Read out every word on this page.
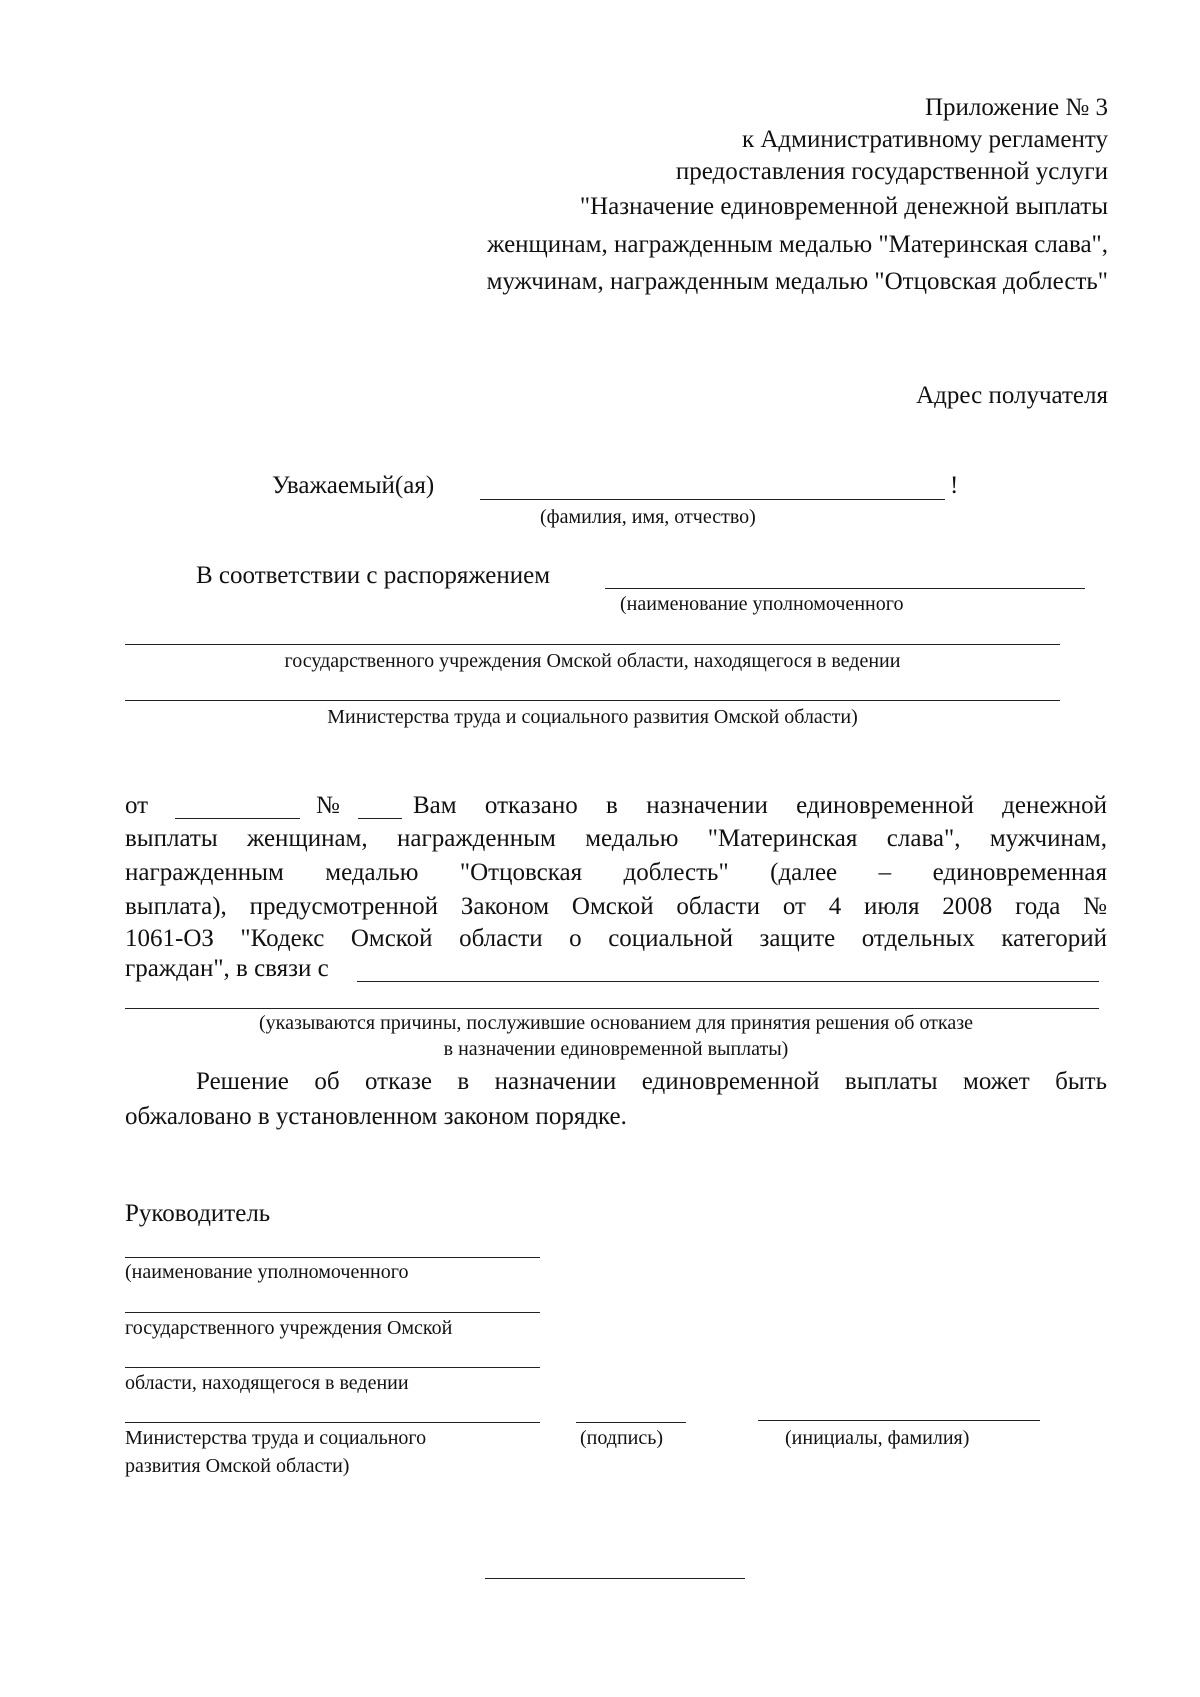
Приложение № 3
к Административному регламенту
предоставления государственной услуги
"Назначение единовременной денежной выплаты
женщинам, награжденным медалью "Материнская слава",
мужчинам, награжденным медалью "Отцовская доблесть"
Адрес получателя
Уважаемый(ая)	!
(фамилия, имя, отчество)
В соответствии с распоряжением
(наименование уполномоченного
государственного учреждения Омской области, находящегося в ведении
Министерства труда и социального развития Омской области)
от	№	Вам отказано в назначении единовременной денежной
выплаты женщинам, награжденным медалью "Материнская слава", мужчинам,
награжденным медалью "Отцовская доблесть" (далее – единовременная
выплата), предусмотренной Законом Омской области от 4 июля 2008 года №
1061-ОЗ "Кодекс Омской области о социальной защите отдельных категорий
граждан", в связи с
(указываются причины, послужившие основанием для принятия решения об отказе
в назначении единовременной выплаты)
Решение об отказе в назначении единовременной выплаты может быть
обжаловано в установленном законом порядке.
Руководитель
(наименование уполномоченного
государственного учреждения Омской
области, находящегося в ведении
Министерства труда и социального
развития Омской области)
(подпись)	(инициалы, фамилия)
